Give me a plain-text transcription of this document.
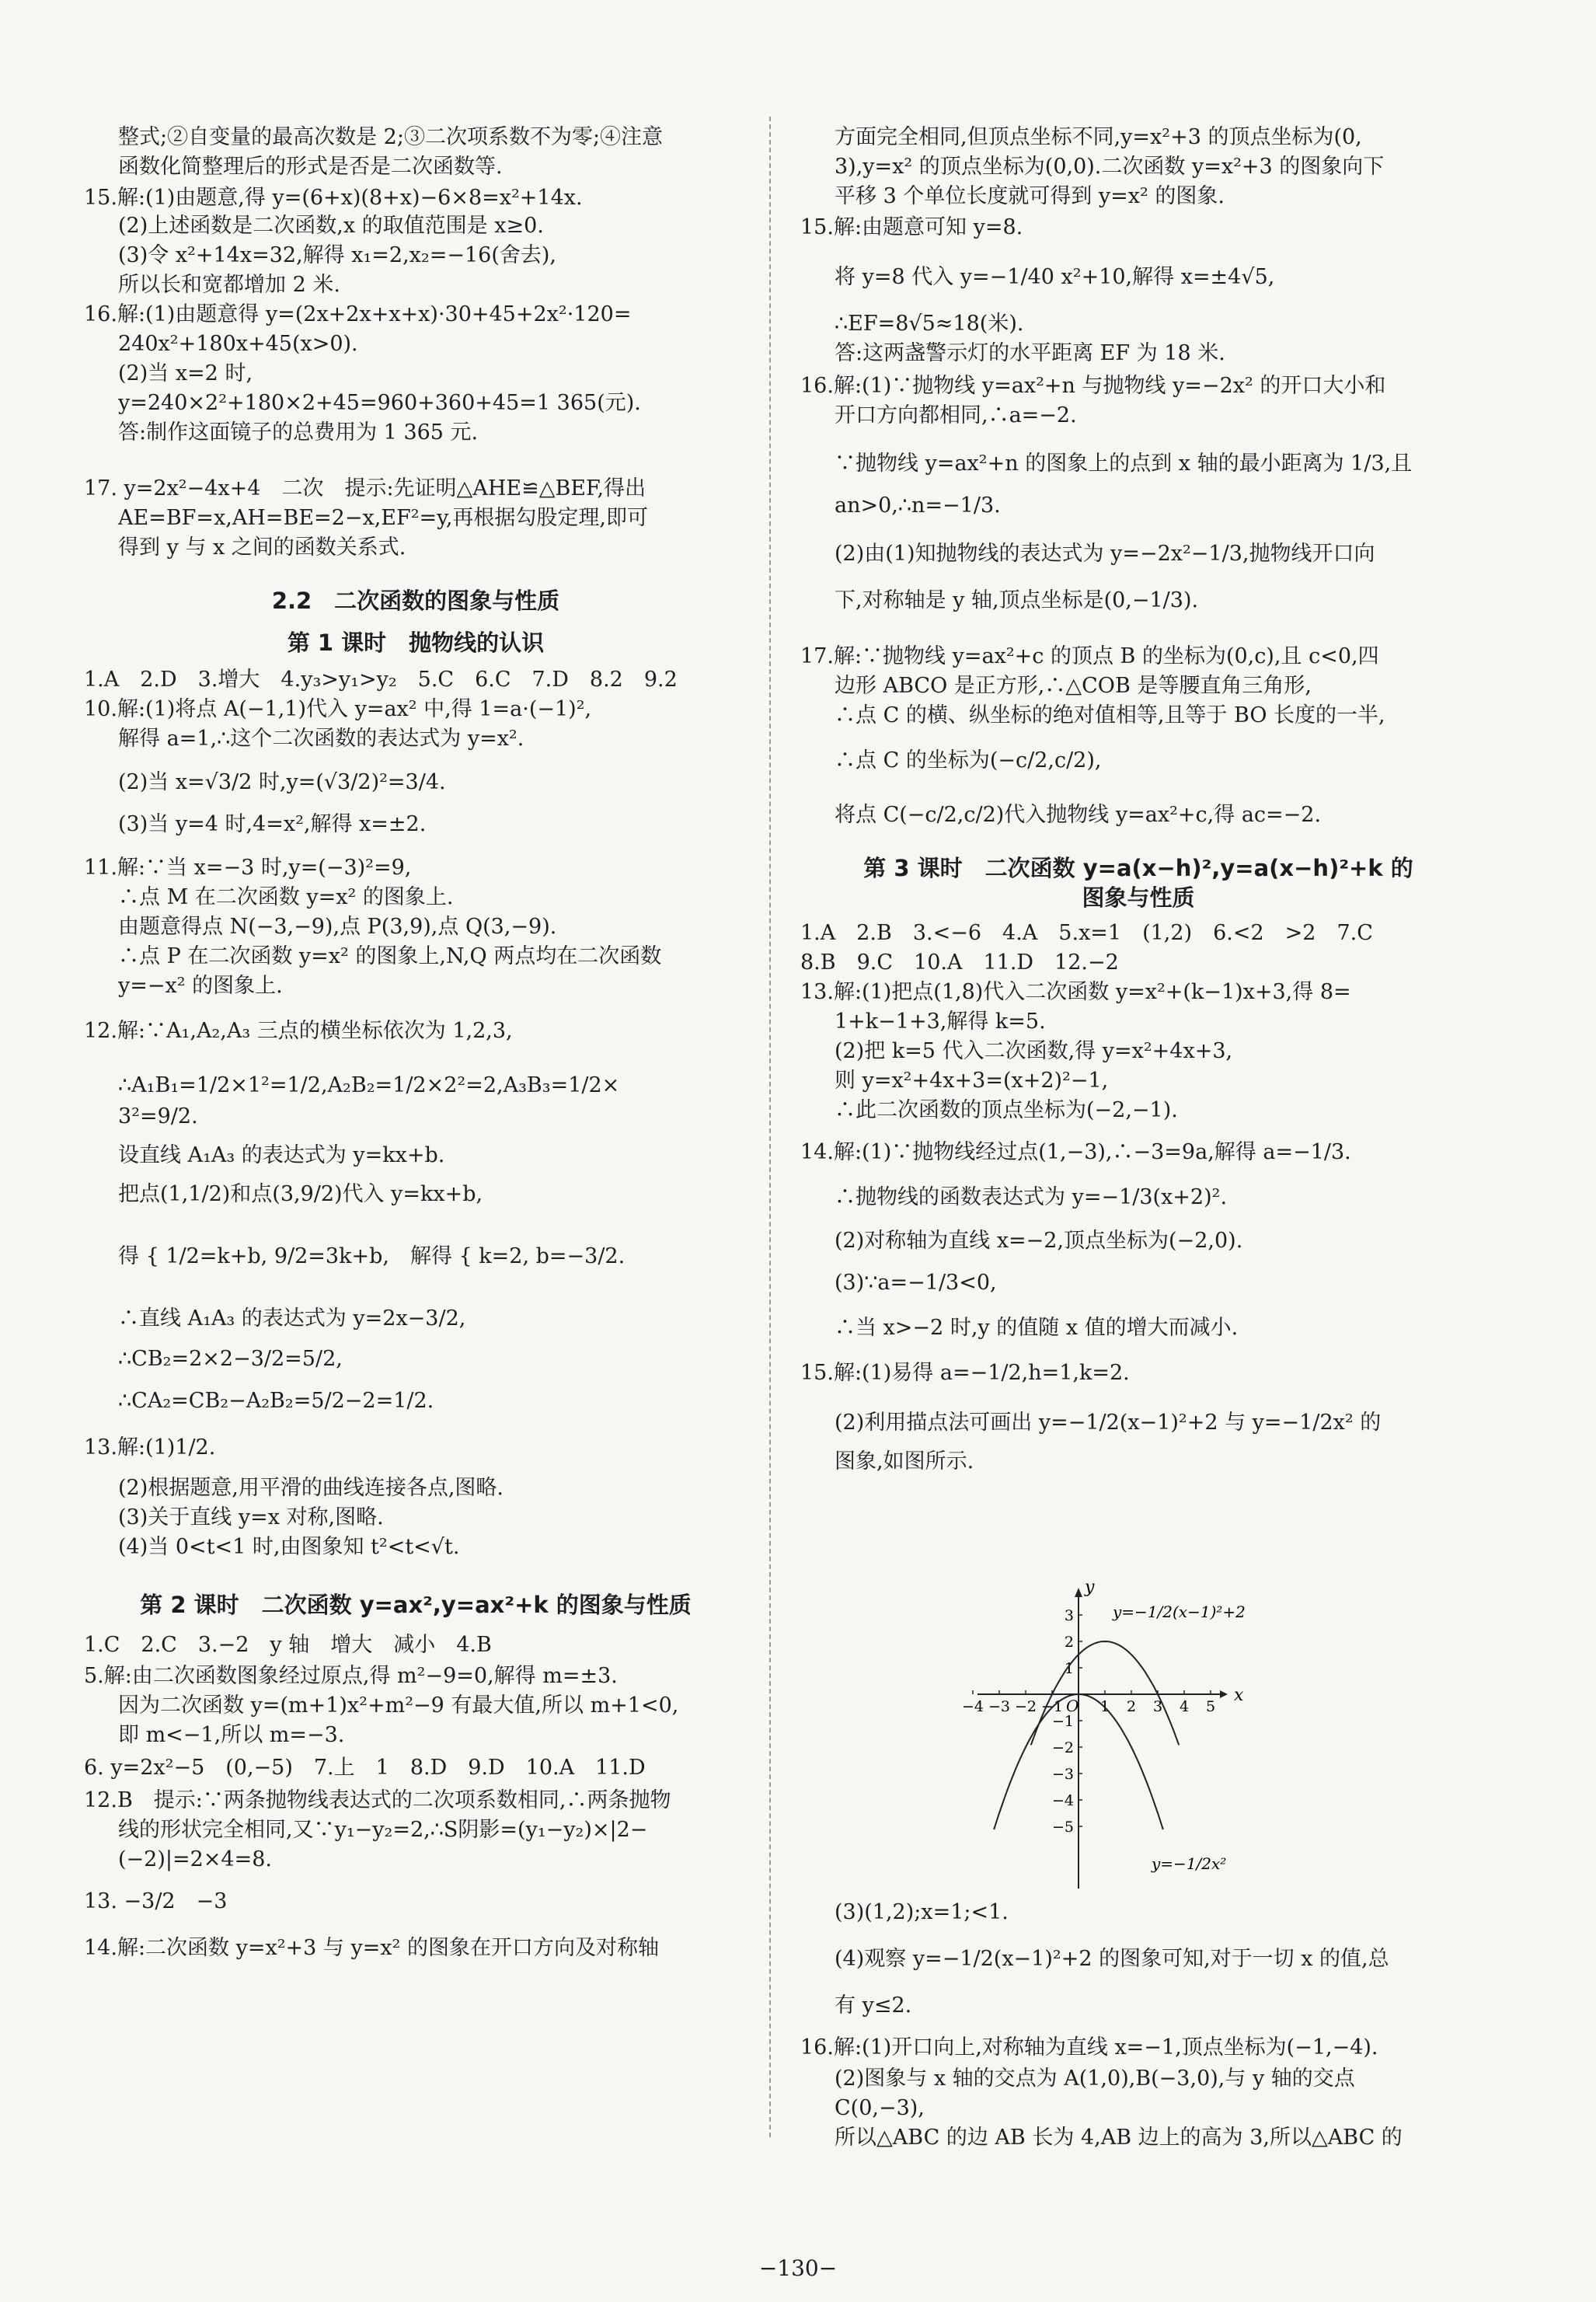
整式;②自变量的最高次数是 2;③二次项系数不为零;④注意
函数化简整理后的形式是否是二次函数等.
15.解:(1)由题意,得 y=(6+x)(8+x)−6×8=x²+14x.
(2)上述函数是二次函数,x 的取值范围是 x≥0.
(3)令 x²+14x=32,解得 x₁=2,x₂=−16(舍去),
所以长和宽都增加 2 米.
16.解:(1)由题意得 y=(2x+2x+x+x)·30+45+2x²·120=
240x²+180x+45(x>0).
(2)当 x=2 时,
y=240×2²+180×2+45=960+360+45=1 365(元).
答:制作这面镜子的总费用为 1 365 元.
17. y=2x²−4x+4　二次　提示:先证明△AHE≌△BEF,得出
AE=BF=x,AH=BE=2−x,EF²=y,再根据勾股定理,即可
得到 y 与 x 之间的函数关系式.
2.2　二次函数的图象与性质
第 1 课时　抛物线的认识
1.A　2.D　3.增大　4.y₃>y₁>y₂　5.C　6.C　7.D　8.2　9.2
10.解:(1)将点 A(−1,1)代入 y=ax² 中,得 1=a·(−1)²,
解得 a=1,∴这个二次函数的表达式为 y=x².
(2)当 x=√3/2 时,y=(√3/2)²=3/4.
(3)当 y=4 时,4=x²,解得 x=±2.
11.解:∵当 x=−3 时,y=(−3)²=9,
∴点 M 在二次函数 y=x² 的图象上.
由题意得点 N(−3,−9),点 P(3,9),点 Q(3,−9).
∴点 P 在二次函数 y=x² 的图象上,N,Q 两点均在二次函数
y=−x² 的图象上.
12.解:∵A₁,A₂,A₃ 三点的横坐标依次为 1,2,3,
∴A₁B₁=1/2×1²=1/2,A₂B₂=1/2×2²=2,A₃B₃=1/2×
3²=9/2.
设直线 A₁A₃ 的表达式为 y=kx+b.
把点(1,1/2)和点(3,9/2)代入 y=kx+b,
得 { 1/2=k+b, 9/2=3k+b,　解得 { k=2, b=−3/2.
∴直线 A₁A₃ 的表达式为 y=2x−3/2,
∴CB₂=2×2−3/2=5/2,
∴CA₂=CB₂−A₂B₂=5/2−2=1/2.
13.解:(1)1/2.
(2)根据题意,用平滑的曲线连接各点,图略.
(3)关于直线 y=x 对称,图略.
(4)当 0<t<1 时,由图象知 t²<t<√t.
第 2 课时　二次函数 y=ax²,y=ax²+k 的图象与性质
1.C　2.C　3.−2　y 轴　增大　减小　4.B
5.解:由二次函数图象经过原点,得 m²−9=0,解得 m=±3.
因为二次函数 y=(m+1)x²+m²−9 有最大值,所以 m+1<0,
即 m<−1,所以 m=−3.
6. y=2x²−5　(0,−5)　7.上　1　8.D　9.D　10.A　11.D
12.B　提示:∵两条抛物线表达式的二次项系数相同,∴两条抛物
线的形状完全相同,又∵y₁−y₂=2,∴S阴影=(y₁−y₂)×|2−
(−2)|=2×4=8.
13. −3/2　−3
14.解:二次函数 y=x²+3 与 y=x² 的图象在开口方向及对称轴
方面完全相同,但顶点坐标不同,y=x²+3 的顶点坐标为(0,
3),y=x² 的顶点坐标为(0,0).二次函数 y=x²+3 的图象向下
平移 3 个单位长度就可得到 y=x² 的图象.
15.解:由题意可知 y=8.
将 y=8 代入 y=−1/40 x²+10,解得 x=±4√5,
∴EF=8√5≈18(米).
答:这两盏警示灯的水平距离 EF 为 18 米.
16.解:(1)∵抛物线 y=ax²+n 与抛物线 y=−2x² 的开口大小和
开口方向都相同,∴a=−2.
∵抛物线 y=ax²+n 的图象上的点到 x 轴的最小距离为 1/3,且
an>0,∴n=−1/3.
(2)由(1)知抛物线的表达式为 y=−2x²−1/3,抛物线开口向
下,对称轴是 y 轴,顶点坐标是(0,−1/3).
17.解:∵抛物线 y=ax²+c 的顶点 B 的坐标为(0,c),且 c<0,四
边形 ABCO 是正方形,∴△COB 是等腰直角三角形,
∴点 C 的横、纵坐标的绝对值相等,且等于 BO 长度的一半,
∴点 C 的坐标为(−c/2,c/2),
将点 C(−c/2,c/2)代入抛物线 y=ax²+c,得 ac=−2.
第 3 课时　二次函数 y=a(x−h)²,y=a(x−h)²+k 的
图象与性质
1.A　2.B　3.<−6　4.A　5.x=1　(1,2)　6.<2　>2　7.C
8.B　9.C　10.A　11.D　12.−2
13.解:(1)把点(1,8)代入二次函数 y=x²+(k−1)x+3,得 8=
1+k−1+3,解得 k=5.
(2)把 k=5 代入二次函数,得 y=x²+4x+3,
则 y=x²+4x+3=(x+2)²−1,
∴此二次函数的顶点坐标为(−2,−1).
14.解:(1)∵抛物线经过点(1,−3),∴−3=9a,解得 a=−1/3.
∴抛物线的函数表达式为 y=−1/3(x+2)².
(2)对称轴为直线 x=−2,顶点坐标为(−2,0).
(3)∵a=−1/3<0,
∴当 x>−2 时,y 的值随 x 值的增大而减小.
15.解:(1)易得 a=−1/2,h=1,k=2.
(2)利用描点法可画出 y=−1/2(x−1)²+2 与 y=−1/2x² 的
图象,如图所示.
(3)(1,2);x=1;<1.
(4)观察 y=−1/2(x−1)²+2 的图象可知,对于一切 x 的值,总
有 y≤2.
16.解:(1)开口向上,对称轴为直线 x=−1,顶点坐标为(−1,−4).
(2)图象与 x 轴的交点为 A(1,0),B(−3,0),与 y 轴的交点
C(0,−3),
所以△ABC 的边 AB 长为 4,AB 边上的高为 3,所以△ABC 的
x
y
O
−4 −3 −2 −1	1 2 3 4 5
3
2
1
−1
−2
−3
−4
−5
y=−1/2(x−1)²+2
y=−1/2x²
−130−
